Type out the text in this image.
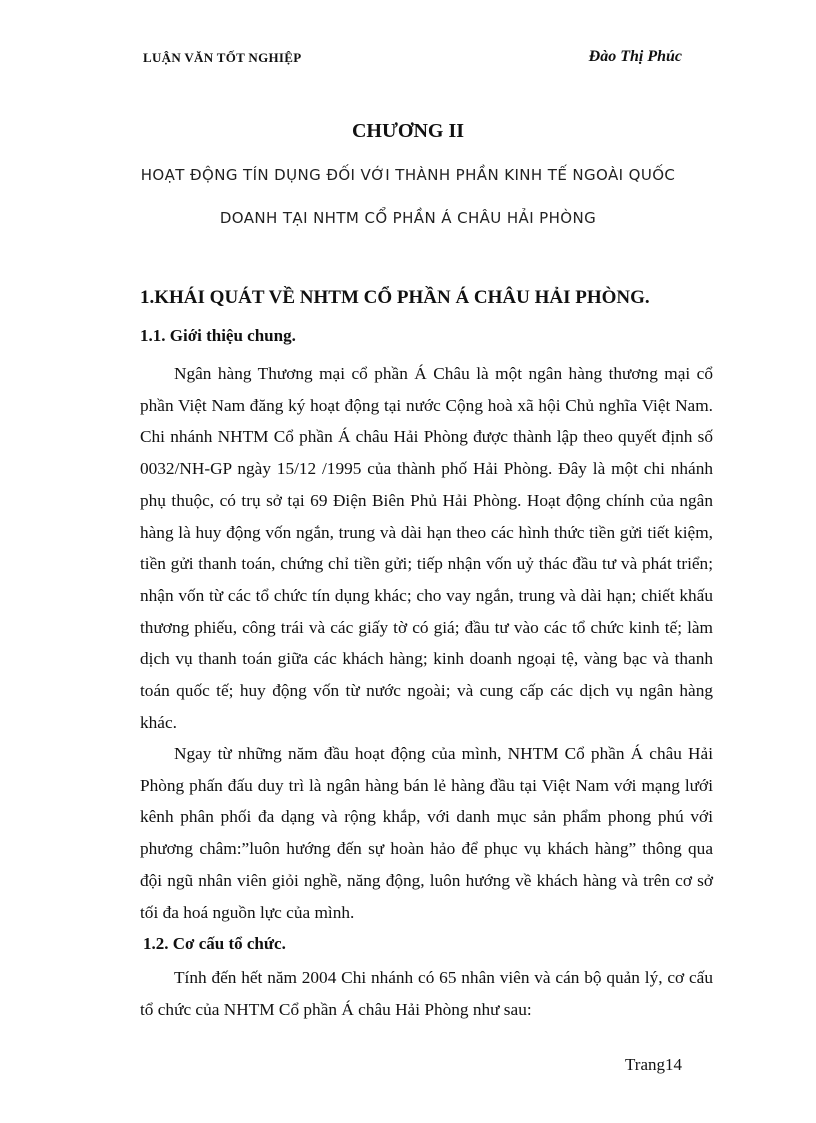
LUẬN VĂN TỐT NGHIỆP	Đào Thị Phúc
CHƯƠNG II
HOẠT ĐỘNG TÍN DỤNG ĐỐI VỚI THÀNH PHẦN KINH TẾ NGOÀI QUỐC
DOANH TẠI NHTM CỔ PHẦN Á CHÂU HẢI PHÒNG
1.KHÁI QUÁT VỀ NHTM CỔ PHẦN Á CHÂU HẢI PHÒNG.
1.1. Giới thiệu chung.

Ngân hàng Thương mại cổ phần Á Châu là một ngân hàng thương mại cổ phần Việt Nam đăng ký hoạt động tại nước Cộng hoà xã hội Chủ nghĩa Việt Nam. Chi nhánh NHTM Cổ phần Á châu Hải Phòng được thành lập theo quyết định số 0032/NH-GP ngày 15/12 /1995 của thành phố Hải Phòng. Đây là một chi nhánh phụ thuộc, có trụ sở tại 69 Điện Biên Phủ Hải Phòng. Hoạt động chính của ngân hàng là huy động vốn ngắn, trung và dài hạn theo các hình thức tiền gửi tiết kiệm, tiền gửi thanh toán, chứng chỉ tiền gửi; tiếp nhận vốn uỷ thác đầu tư và phát triển; nhận vốn từ các tổ chức tín dụng khác; cho vay ngắn, trung và dài hạn; chiết khấu thương phiếu, công trái và các giấy tờ có giá; đầu tư vào các tổ chức kinh tế; làm dịch vụ thanh toán giữa các khách hàng; kinh doanh ngoại tệ, vàng bạc và thanh toán quốc tế; huy động vốn từ nước ngoài; và cung cấp các dịch vụ ngân hàng khác.

Ngay từ những năm đầu hoạt động của mình, NHTM Cổ phần Á châu Hải Phòng phấn đấu duy trì là ngân hàng bán lẻ hàng đầu tại Việt Nam với mạng lưới kênh phân phối đa dạng và rộng khắp, với danh mục sản phẩm phong phú với phương châm:”luôn hướng đến sự hoàn hảo để phục vụ khách hàng” thông qua đội ngũ nhân viên giỏi nghề, năng động, luôn hướng về khách hàng và trên cơ sở tối đa hoá nguồn lực của mình.

1.2. Cơ cấu tổ chức.

Tính đến hết năm 2004 Chi nhánh có 65 nhân viên và cán bộ quản lý, cơ cấu tổ chức của NHTM Cổ phần Á châu Hải Phòng như sau:

Trang14
